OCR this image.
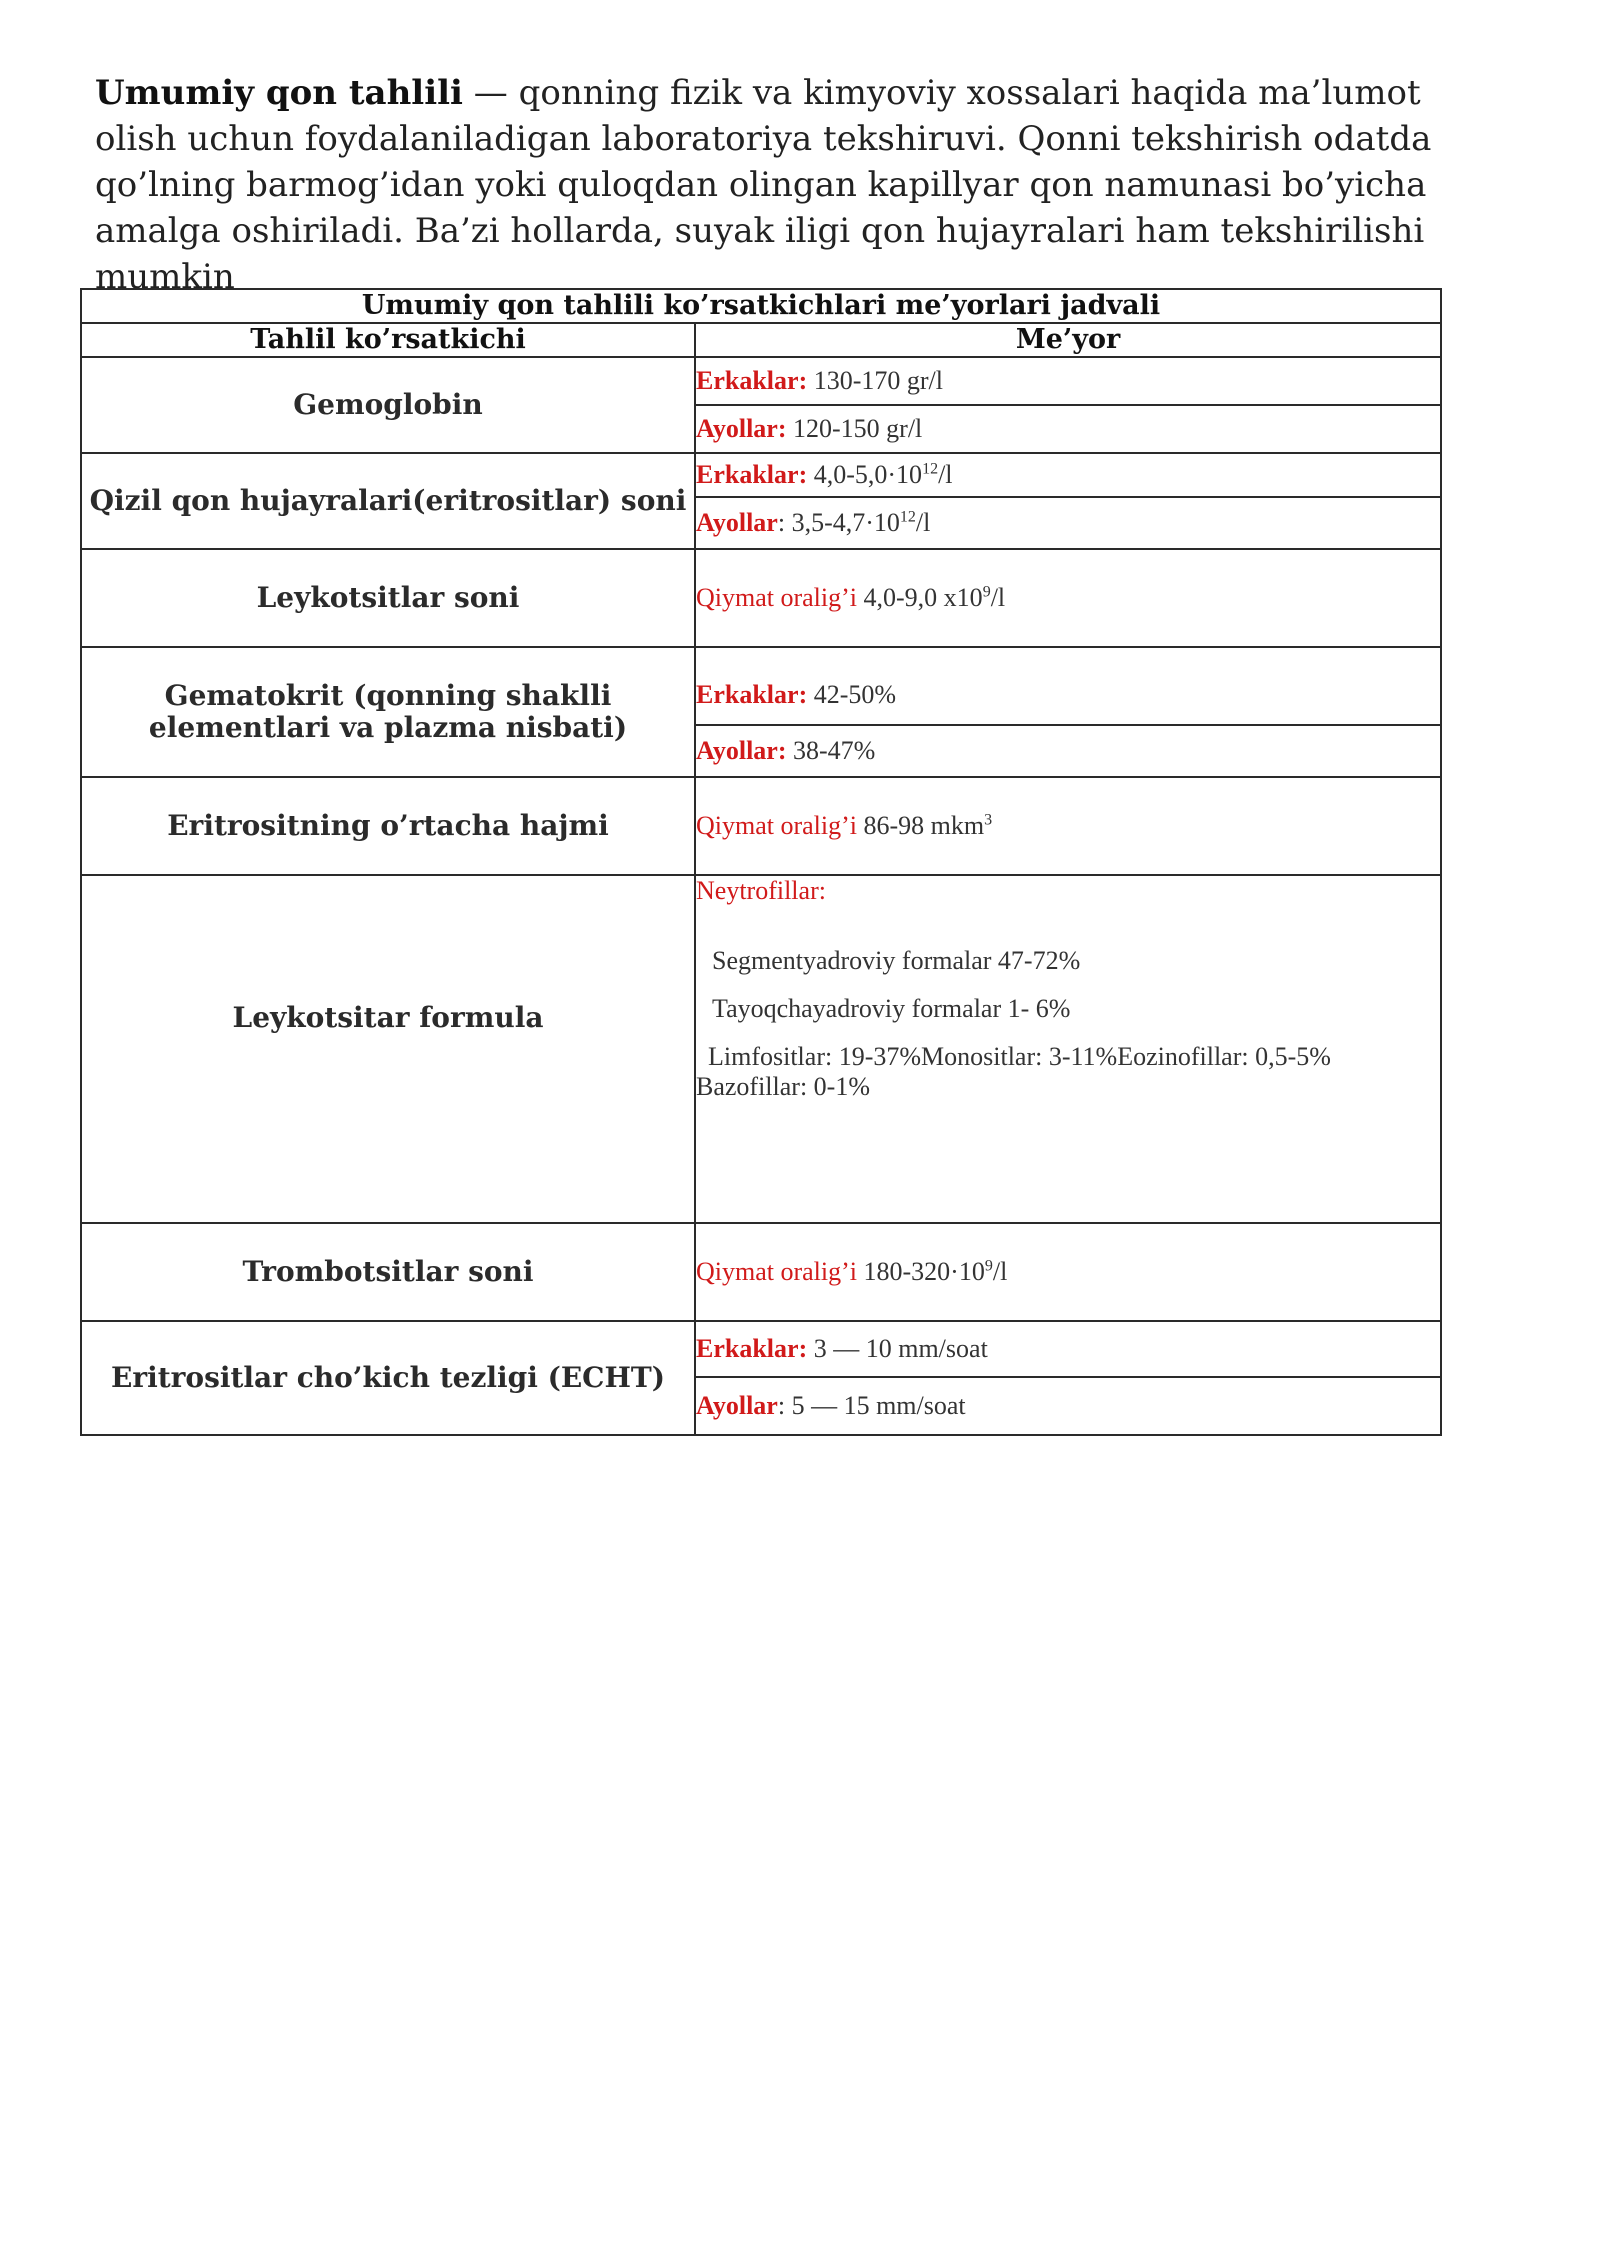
Umumiy qon tahlili — qonning fizik va kimyoviy xossalari haqida ma’lumot olish uchun foydalaniladigan laboratoriya tekshiruvi. Qonni tekshirish odatda qo’lning barmog’idan yoki quloqdan olingan kapillyar qon namunasi bo’yicha amalga oshiriladi. Ba’zi hollarda, suyak iligi qon hujayralari ham tekshirilishi mumkin

Umumiy qon tahlili ko’rsatkichlari me’yorlari jadvali	
Tahlil ko’rsatkichi	Me’yor
Gemoglobin	Erkaklar: 130-170 gr/l
	Ayollar: 120-150 gr/l
Qizil qon hujayralari(eritrositlar) soni	Erkaklar: $4,0-5,0\cdot 10^{12}/l$
	Ayollar: $3,5-4,7\cdot 10^{12}/l$
Leykotsitlar soni	Qiymat oralig’i 4,0-9,0 $x10^9/l$
Gematokrit (qonning shaklli elementlari va plazma nisbati)	Erkaklar: 42-50%
	Ayollar: 38-47%
Eritrositning o’rtacha hajmi	Qiymat oralig’i 86-98 mkm$^3$
Leykotsitar formula	Neytrofillar:

Segmentyadroviy formalar 47-72%

Tayoqchayadroviy formalar 1- 6%

Limfositlar: 19-37%Monositlar: 3-11%Eozinofillar: 0,5-5%

Bazofillar: 0-1%

Trombotsitlar soni	Qiymat oralig’i $180-320\cdot 10^9/l$
Eritrositlar cho’kich tezligi (ECHT)	Erkaklar: 3 — 10 mm/soat
	Ayollar: 5 — 15 mm/soat
